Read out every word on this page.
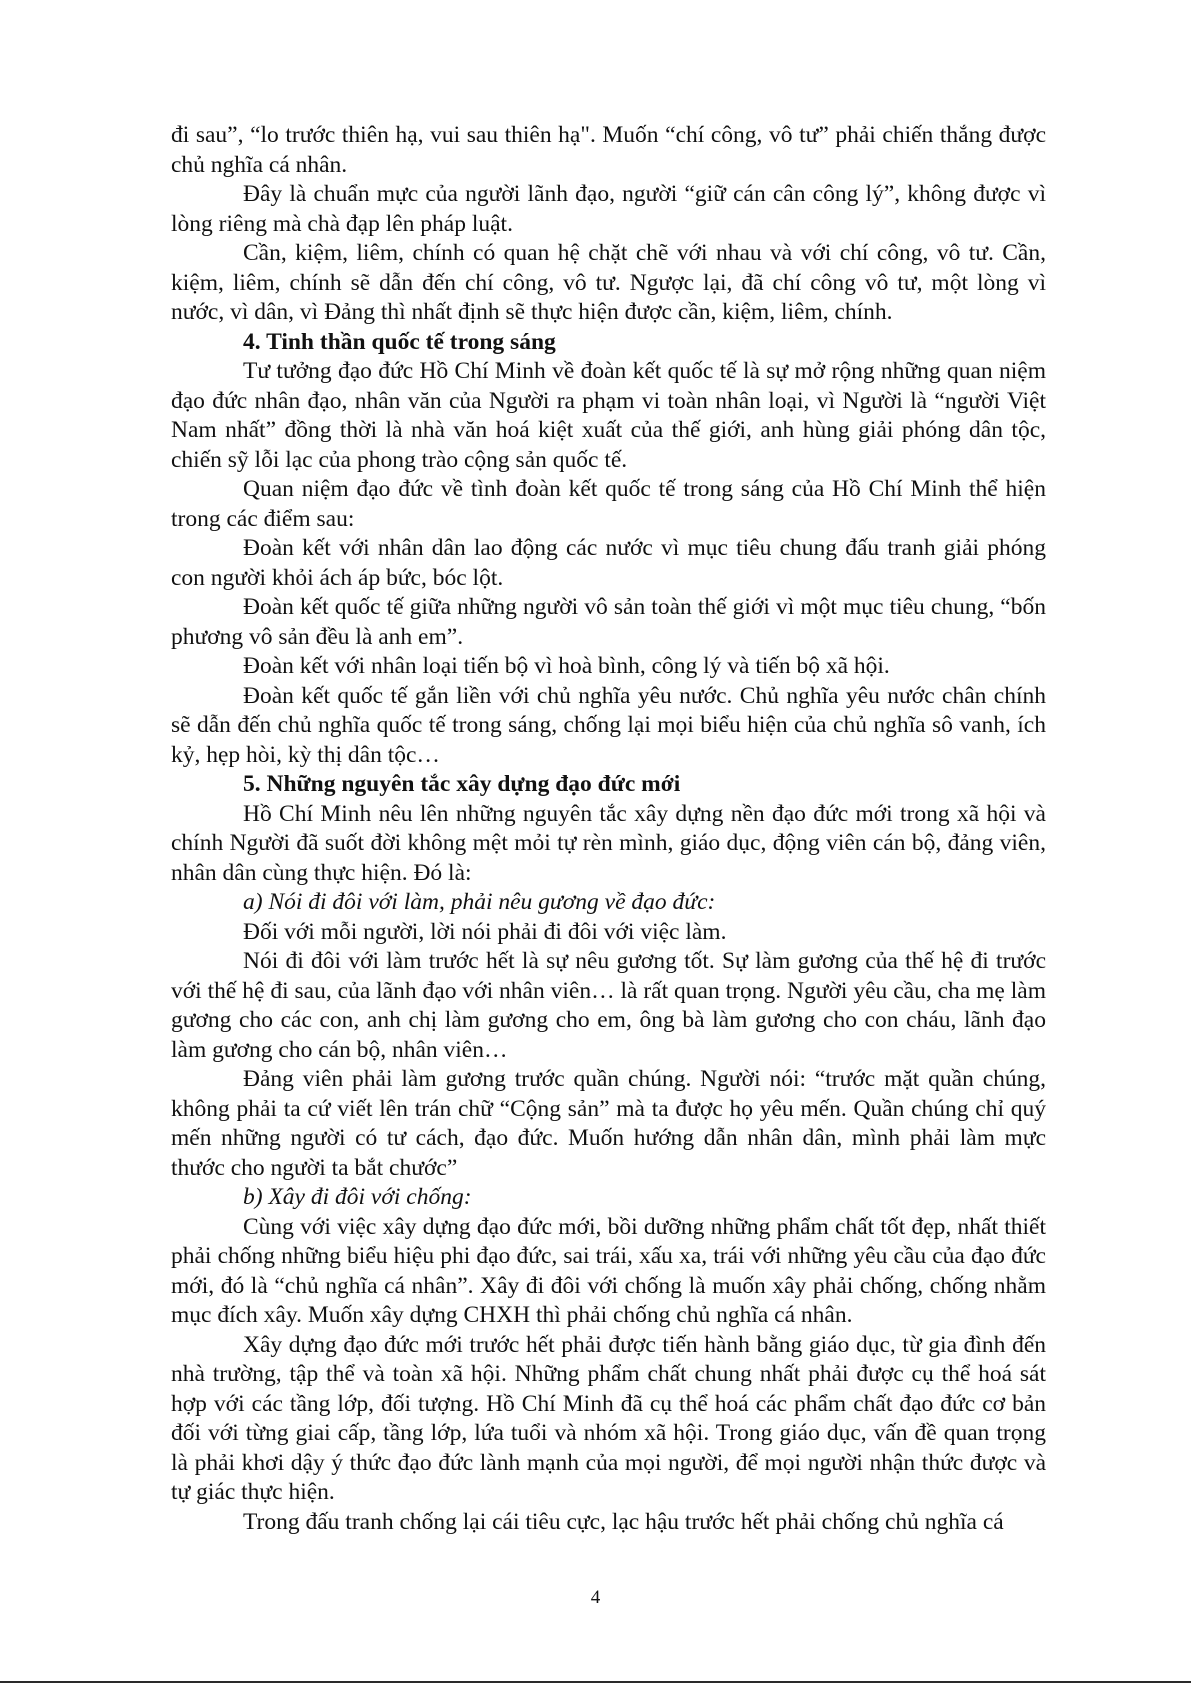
đi sau”, “lo trước thiên hạ, vui sau thiên hạ". Muốn “chí công, vô tư” phải chiến thắng được chủ nghĩa cá nhân.

Đây là chuẩn mực của người lãnh đạo, người “giữ cán cân công lý”, không được vì lòng riêng mà chà đạp lên pháp luật.

Cần, kiệm, liêm, chính có quan hệ chặt chẽ với nhau và với chí công, vô tư. Cần, kiệm, liêm, chính sẽ dẫn đến chí công, vô tư. Ngược lại, đã chí công vô tư, một lòng vì nước, vì dân, vì Đảng thì nhất định sẽ thực hiện được cần, kiệm, liêm, chính.

4. Tinh thần quốc tế trong sáng

Tư tưởng đạo đức Hồ Chí Minh về đoàn kết quốc tế là sự mở rộng những quan niệm đạo đức nhân đạo, nhân văn của Người ra phạm vi toàn nhân loại, vì Người là “người Việt Nam nhất” đồng thời là nhà văn hoá kiệt xuất của thế giới, anh hùng giải phóng dân tộc, chiến sỹ lỗi lạc của phong trào cộng sản quốc tế.

Quan niệm đạo đức về tình đoàn kết quốc tế trong sáng của Hồ Chí Minh thể hiện trong các điểm sau:

Đoàn kết với nhân dân lao động các nước vì mục tiêu chung đấu tranh giải phóng con người khỏi ách áp bức, bóc lột.

Đoàn kết quốc tế giữa những người vô sản toàn thế giới vì một mục tiêu chung, “bốn phương vô sản đều là anh em”.

Đoàn kết với nhân loại tiến bộ vì hoà bình, công lý và tiến bộ xã hội.

Đoàn kết quốc tế gắn liền với chủ nghĩa yêu nước. Chủ nghĩa yêu nước chân chính sẽ dẫn đến chủ nghĩa quốc tế trong sáng, chống lại mọi biểu hiện của chủ nghĩa sô vanh, ích kỷ, hẹp hòi, kỳ thị dân tộc…

5. Những nguyên tắc xây dựng đạo đức mới

Hồ Chí Minh nêu lên những nguyên tắc xây dựng nền đạo đức mới trong xã hội và chính Người đã suốt đời không mệt mỏi tự rèn mình, giáo dục, động viên cán bộ, đảng viên, nhân dân cùng thực hiện. Đó là:

a) Nói đi đôi với làm, phải nêu gương về đạo đức:

Đối với mỗi người, lời nói phải đi đôi với việc làm.

Nói đi đôi với làm trước hết là sự nêu gương tốt. Sự làm gương của thế hệ đi trước với thế hệ đi sau, của lãnh đạo với nhân viên… là rất quan trọng. Người yêu cầu, cha mẹ làm gương cho các con, anh chị làm gương cho em, ông bà làm gương cho con cháu, lãnh đạo làm gương cho cán bộ, nhân viên…

Đảng viên phải làm gương trước quần chúng. Người nói: “trước mặt quần chúng, không phải ta cứ viết lên trán chữ “Cộng sản” mà ta được họ yêu mến. Quần chúng chỉ quý mến những người có tư cách, đạo đức. Muốn hướng dẫn nhân dân, mình phải làm mực thước cho người ta bắt chước”

b) Xây đi đôi với chống:

Cùng với việc xây dựng đạo đức mới, bồi dưỡng những phẩm chất tốt đẹp, nhất thiết phải chống những biểu hiệu phi đạo đức, sai trái, xấu xa, trái với những yêu cầu của đạo đức mới, đó là “chủ nghĩa cá nhân”. Xây đi đôi với chống là muốn xây phải chống, chống nhằm mục đích xây. Muốn xây dựng CHXH thì phải chống chủ nghĩa cá nhân.

Xây dựng đạo đức mới trước hết phải được tiến hành bằng giáo dục, từ gia đình đến nhà trường, tập thể và toàn xã hội. Những phẩm chất chung nhất phải được cụ thể hoá sát hợp với các tầng lớp, đối tượng. Hồ Chí Minh đã cụ thể hoá các phẩm chất đạo đức cơ bản đối với từng giai cấp, tầng lớp, lứa tuổi và nhóm xã hội. Trong giáo dục, vấn đề quan trọng là phải khơi dậy ý thức đạo đức lành mạnh của mọi người, để mọi người nhận thức được và tự giác thực hiện.

Trong đấu tranh chống lại cái tiêu cực, lạc hậu trước hết phải chống chủ nghĩa cá

4
